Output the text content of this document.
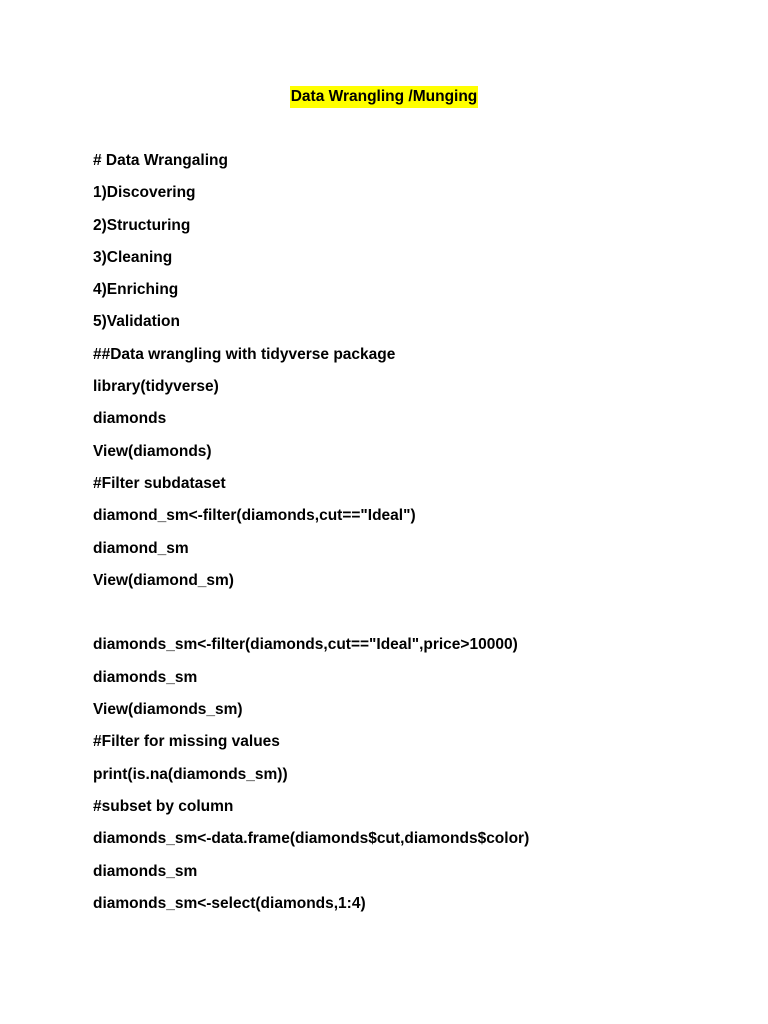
Data Wrangling /Munging
# Data Wrangaling
1)Discovering
2)Structuring
3)Cleaning
4)Enriching
5)Validation
##Data wrangling with tidyverse package
library(tidyverse)
diamonds
View(diamonds)
#Filter subdataset
diamond_sm<-filter(diamonds,cut=="Ideal")
diamond_sm
View(diamond_sm)
diamonds_sm<-filter(diamonds,cut=="Ideal",price>10000)
diamonds_sm
View(diamonds_sm)
#Filter for missing values
print(is.na(diamonds_sm))
#subset by column
diamonds_sm<-data.frame(diamonds$cut,diamonds$color)
diamonds_sm
diamonds_sm<-select(diamonds,1:4)
